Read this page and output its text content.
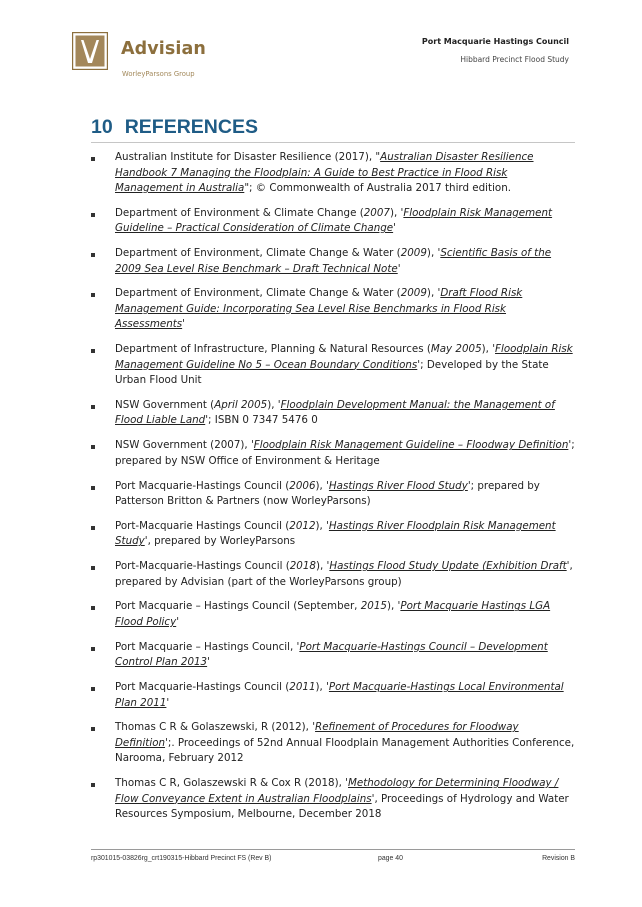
Advisian
WorleyParsons Group
Port Macquarie Hastings Council
Hibbard Precinct Flood Study
10 REFERENCES
Australian Institute for Disaster Resilience (2017), "Australian Disaster Resilience Handbook 7 Managing the Floodplain: A Guide to Best Practice in Flood Risk Management in Australia"; © Commonwealth of Australia 2017 third edition.
Department of Environment & Climate Change (2007), 'Floodplain Risk Management Guideline – Practical Consideration of Climate Change'
Department of Environment, Climate Change & Water (2009), 'Scientific Basis of the 2009 Sea Level Rise Benchmark – Draft Technical Note'
Department of Environment, Climate Change & Water (2009), 'Draft Flood Risk Management Guide: Incorporating Sea Level Rise Benchmarks in Flood Risk Assessments'
Department of Infrastructure, Planning & Natural Resources (May 2005), 'Floodplain Risk Management Guideline No 5 – Ocean Boundary Conditions'; Developed by the State Urban Flood Unit
NSW Government (April 2005), 'Floodplain Development Manual: the Management of Flood Liable Land'; ISBN 0 7347 5476 0
NSW Government (2007), 'Floodplain Risk Management Guideline – Floodway Definition'; prepared by NSW Office of Environment & Heritage
Port Macquarie-Hastings Council (2006), 'Hastings River Flood Study'; prepared by Patterson Britton & Partners (now WorleyParsons)
Port-Macquarie Hastings Council (2012), 'Hastings River Floodplain Risk Management Study', prepared by WorleyParsons
Port-Macquarie-Hastings Council (2018), 'Hastings Flood Study Update (Exhibition Draft', prepared by Advisian (part of the WorleyParsons group)
Port Macquarie – Hastings Council (September, 2015), 'Port Macquarie Hastings LGA Flood Policy'
Port Macquarie – Hastings Council, 'Port Macquarie-Hastings Council – Development Control Plan 2013'
Port Macquarie-Hastings Council (2011), 'Port Macquarie-Hastings Local Environmental Plan 2011'
Thomas C R & Golaszewski, R (2012), 'Refinement of Procedures for Floodway Definition';. Proceedings of 52nd Annual Floodplain Management Authorities Conference, Narooma, February 2012
Thomas C R, Golaszewski R & Cox R (2018), 'Methodology for Determining Floodway / Flow Conveyance Extent in Australian Floodplains', Proceedings of Hydrology and Water Resources Symposium, Melbourne, December 2018
rp301015-03826rg_crt190315-Hibbard Precinct FS (Rev B)	page 40	Revision B
